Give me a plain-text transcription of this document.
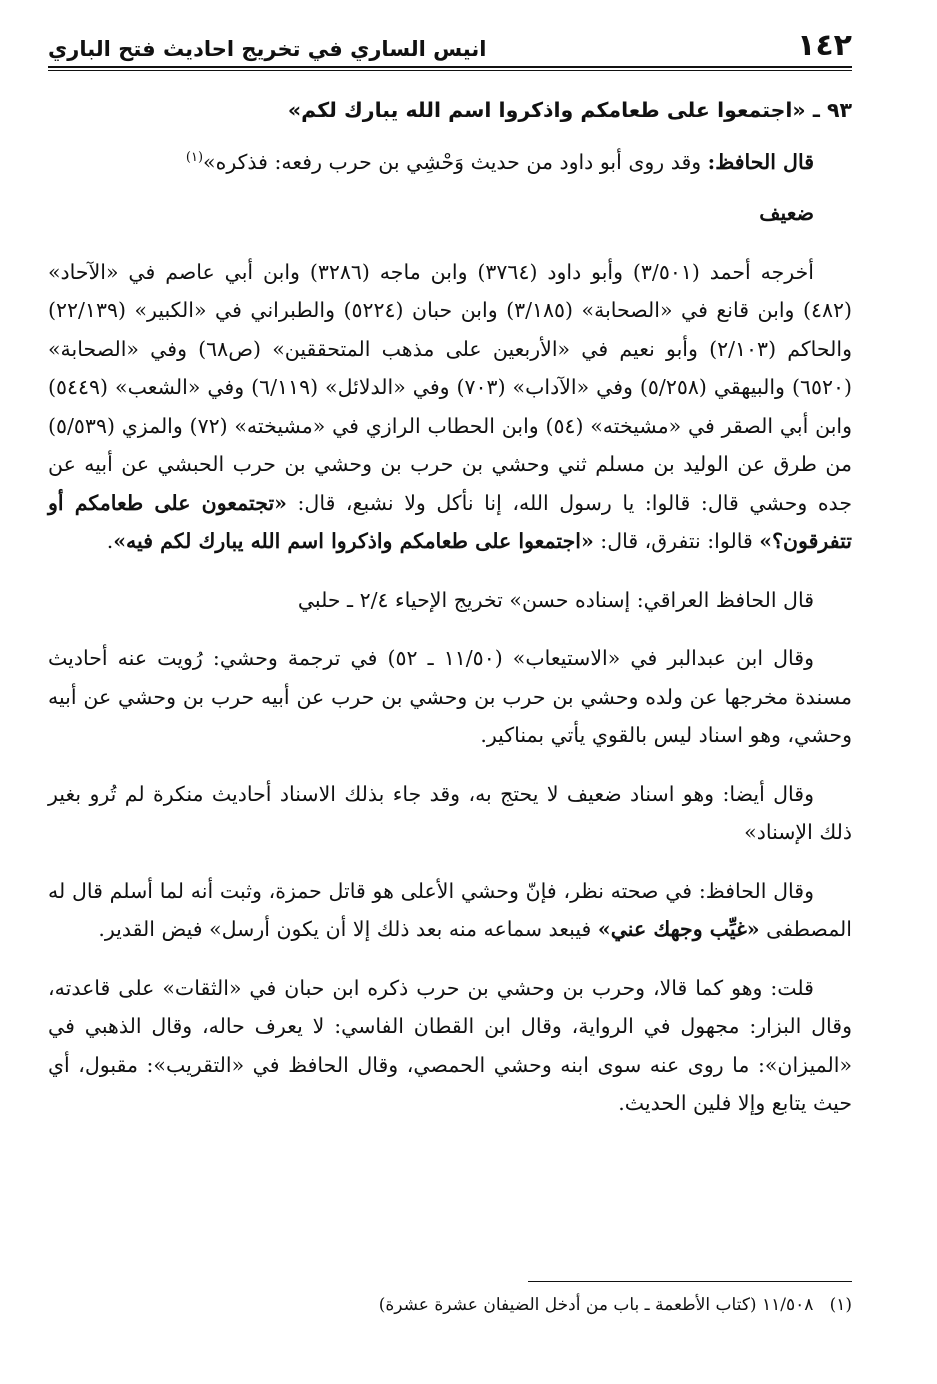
١٤٢
انيس الساري في تخريج احاديث فتح الباري

٩٣ ـ «اجتمعوا على طعامكم واذكروا اسم الله يبارك لكم»

قال الحافظ: وقد روى أبو داود من حديث وَحْشِي بن حرب رفعه: فذكره»$^{(١)}$

ضعيف

أخرجه أحمد (٣/٥٠١) وأبو داود (٣٧٦٤) وابن ماجه (٣٢٨٦) وابن أبي عاصم في «الآحاد» (٤٨٢) وابن قانع في «الصحابة» (٣/١٨٥) وابن حبان (٥٢٢٤) والطبراني في «الكبير» (٢٢/١٣٩) والحاكم (٢/١٠٣) وأبو نعيم في «الأربعين على مذهب المتحققين» (ص٦٨) وفي «الصحابة» (٦٥٢٠) والبيهقي (٥/٢٥٨) وفي «الآداب» (٧٠٣) وفي «الدلائل» (٦/١١٩) وفي «الشعب» (٥٤٤٩) وابن أبي الصقر في «مشيخته» (٥٤) وابن الحطاب الرازي في «مشيخته» (٧٢) والمزي (٥/٥٣٩) من طرق عن الوليد بن مسلم ثني وحشي بن حرب بن وحشي بن حرب الحبشي عن أبيه عن جده وحشي قال: قالوا: يا رسول الله، إنا نأكل ولا نشبع، قال: «تجتمعون على طعامكم أو تتفرقون؟» قالوا: نتفرق، قال: «اجتمعوا على طعامكم واذكروا اسم الله يبارك لكم فيه».

قال الحافظ العراقي: إسناده حسن» تخريج الإحياء ٢/٤ ـ حلبي

وقال ابن عبدالبر في «الاستيعاب» (١١/٥٠ ـ ٥٢) في ترجمة وحشي: رُويت عنه أحاديث مسندة مخرجها عن ولده وحشي بن حرب بن وحشي بن حرب عن أبيه حرب بن وحشي عن أبيه وحشي، وهو اسناد ليس بالقوي يأتي بمناكير.

وقال أيضا: وهو اسناد ضعيف لا يحتج به، وقد جاء بذلك الاسناد أحاديث منكرة لم تُرو بغير ذلك الإسناد»

وقال الحافظ: في صحته نظر، فإنّ وحشي الأعلى هو قاتل حمزة، وثبت أنه لما أسلم قال له المصطفى «غيِّب وجهك عني» فيبعد سماعه منه بعد ذلك إلا أن يكون أرسل» فيض القدير.

قلت: وهو كما قالا، وحرب بن وحشي بن حرب ذكره ابن حبان في «الثقات» على قاعدته، وقال البزار: مجهول في الرواية، وقال ابن القطان الفاسي: لا يعرف حاله، وقال الذهبي في «الميزان»: ما روى عنه سوى ابنه وحشي الحمصي، وقال الحافظ في «التقريب»: مقبول، أي حيث يتابع وإلا فلين الحديث.

(١)   ١١/٥٠٨ (كتاب الأطعمة ـ باب من أدخل الضيفان عشرة عشرة)
